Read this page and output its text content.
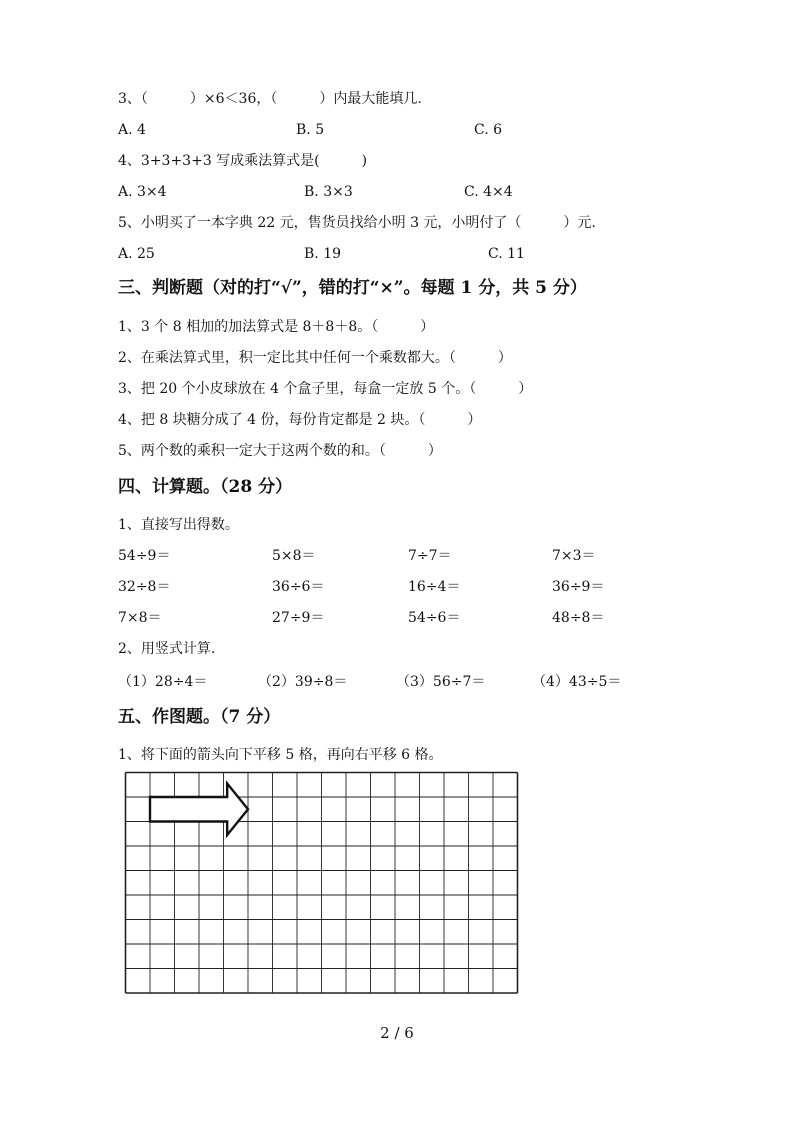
3、（　　　）×6＜36，（　　　）内最大能填几.
A. 4	B. 5	C. 6
4、3+3+3+3 写成乘法算式是(　　　)
A. 3×4	B. 3×3	C. 4×4
5、小明买了一本字典 22 元，售货员找给小明 3 元，小明付了（　　　）元.
A. 25	B. 19	C. 11
三、判断题（对的打“√”，错的打“×”。每题 1 分，共 5 分）
1、3 个 8 相加的加法算式是 8＋8＋8。（　　　）
2、在乘法算式里，积一定比其中任何一个乘数都大。（　　　）
3、把 20 个小皮球放在 4 个盒子里，每盒一定放 5 个。（　　　）
4、把 8 块糖分成了 4 份，每份肯定都是 2 块。（　　　）
5、两个数的乘积一定大于这两个数的和。（　　　）
四、计算题。（28 分）
1、直接写出得数。
54÷9＝	5×8＝	7÷7＝	7×3＝
32÷8＝	36÷6＝	16÷4＝	36÷9＝
7×8＝	27÷9＝	54÷6＝	48÷8＝
2、用竖式计算.
（1）28÷4＝	（2）39÷8＝	（3）56÷7＝	（4）43÷5＝
五、作图题。（7 分）
1、将下面的箭头向下平移 5 格，再向右平移 6 格。
2 / 6
